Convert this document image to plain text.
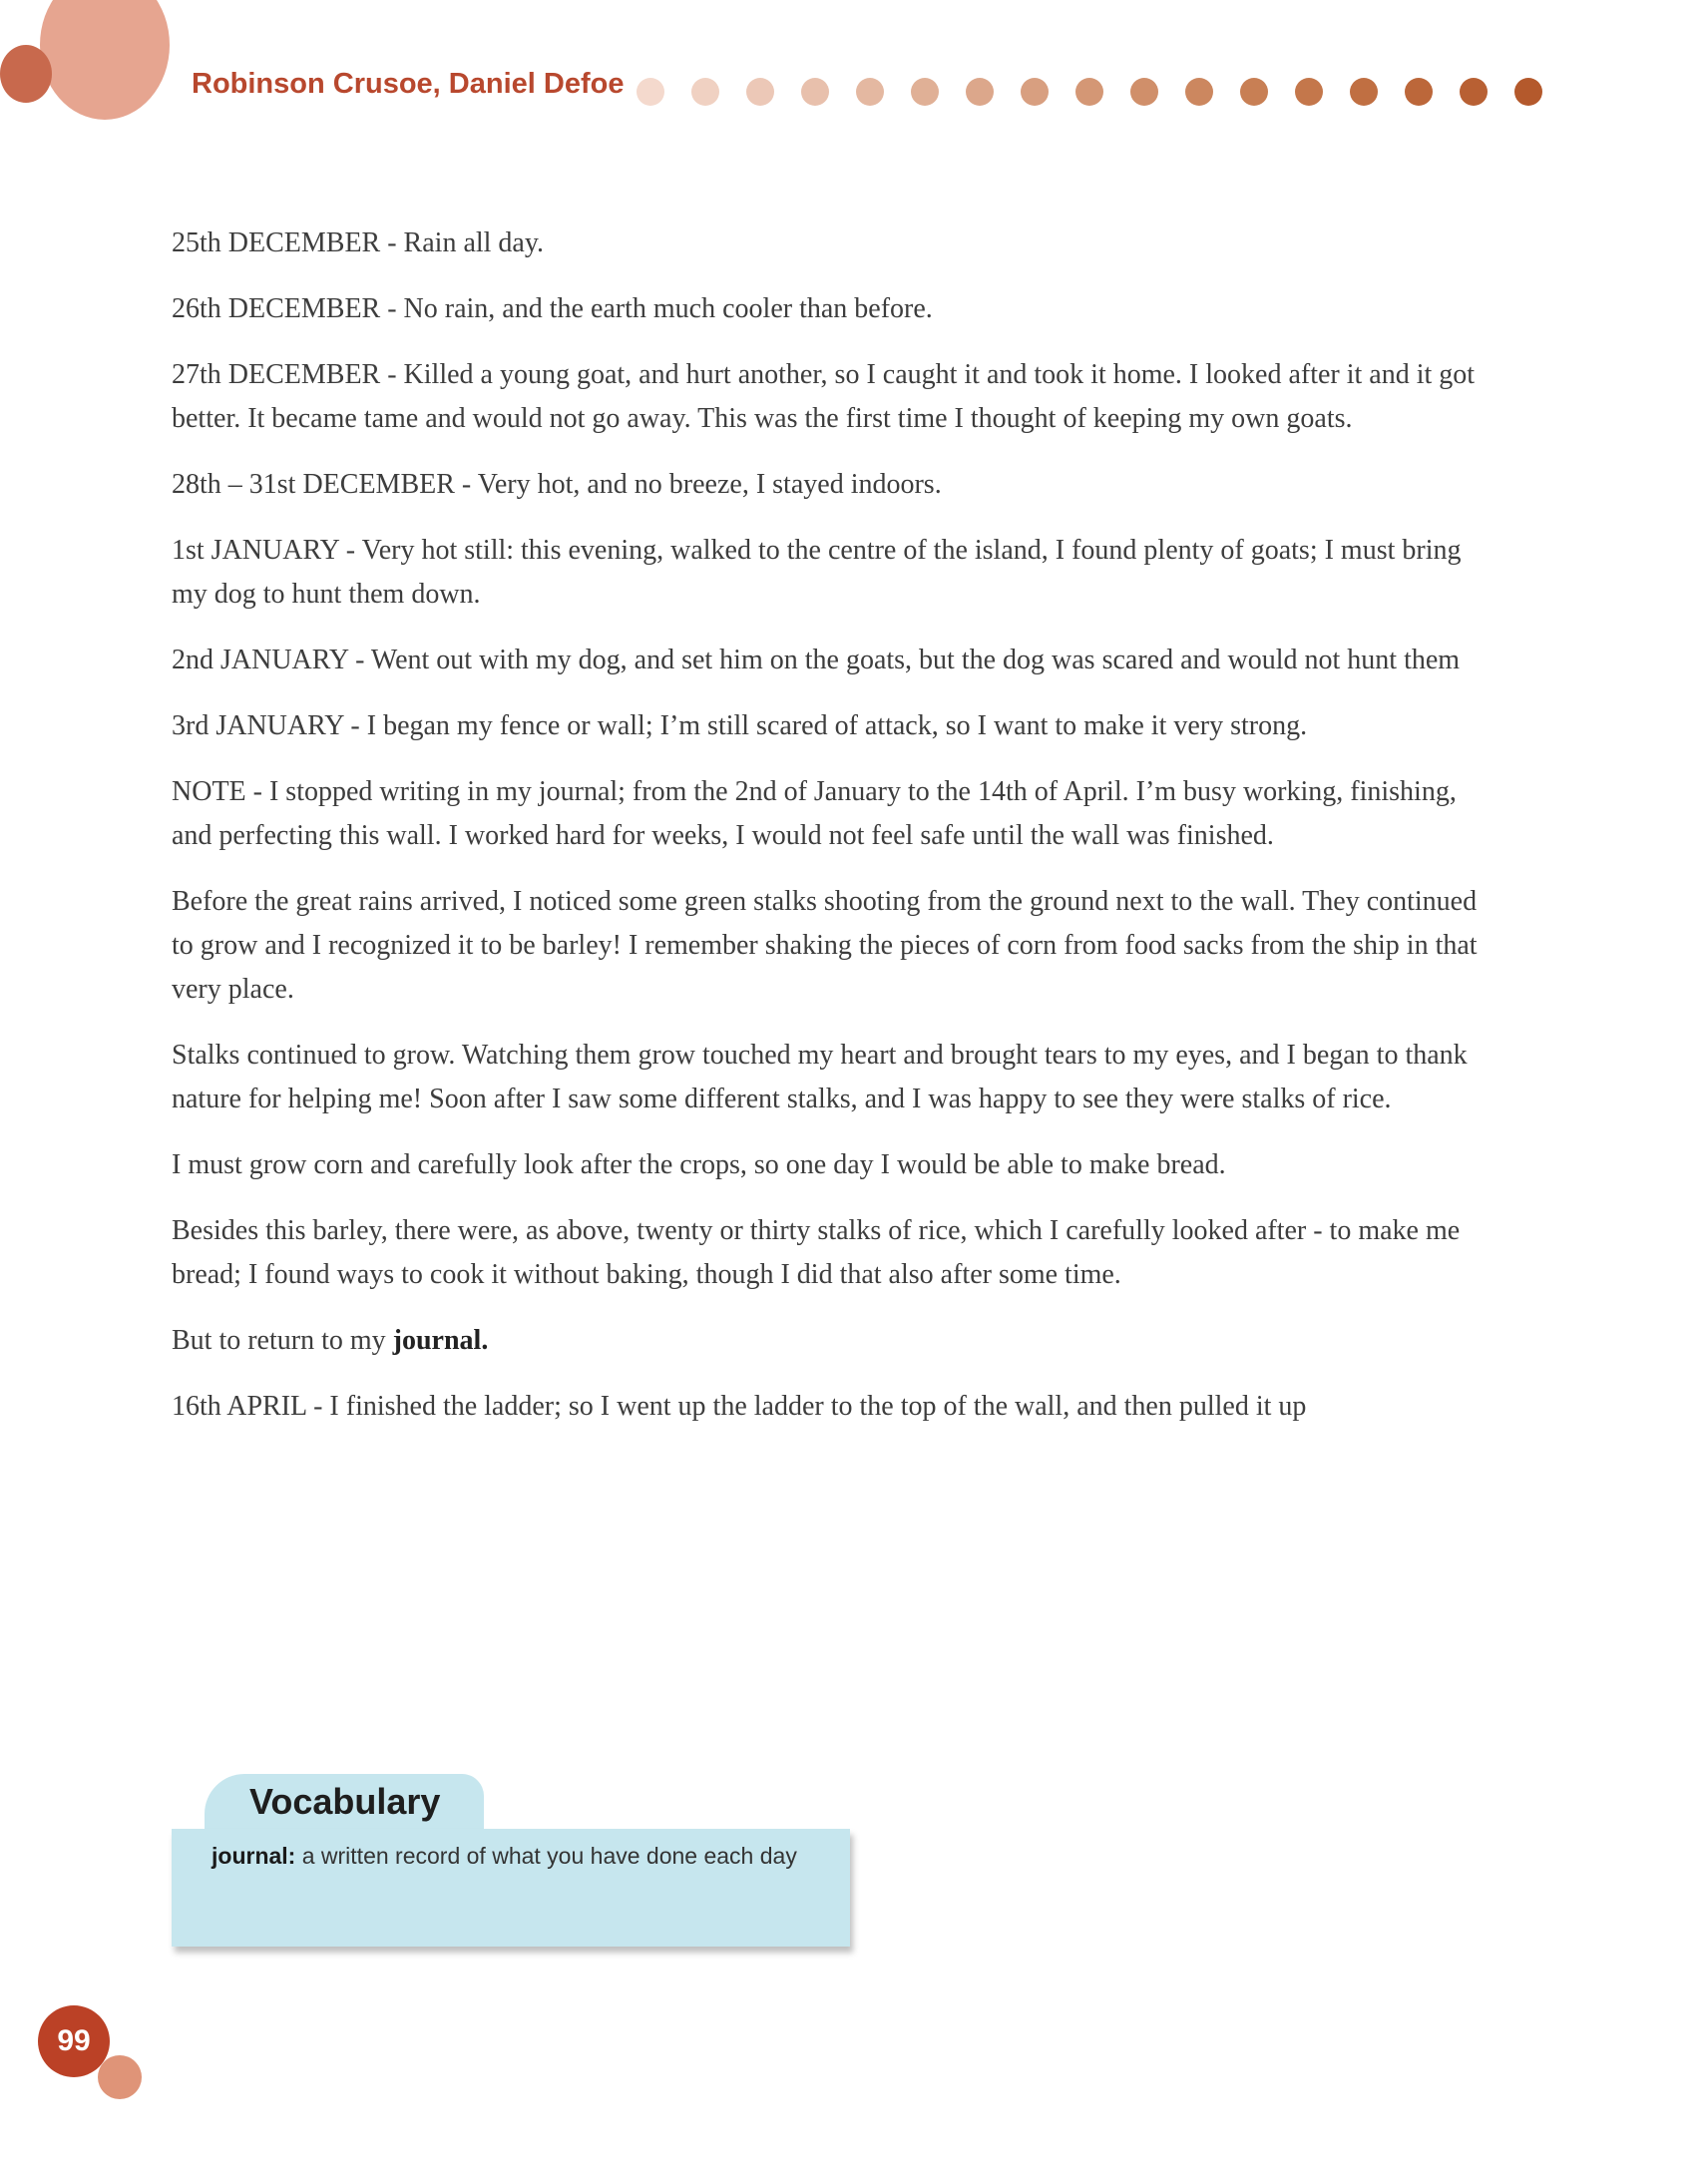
Robinson Crusoe, Daniel Defoe

25th DECEMBER - Rain all day.

26th DECEMBER - No rain, and the earth much cooler than before.

27th DECEMBER - Killed a young goat, and hurt another, so I caught it and took it home. I looked after it and it got better. It became tame and would not go away. This was the first time I thought of keeping my own goats.

28th – 31st DECEMBER - Very hot, and no breeze, I stayed indoors.

1st JANUARY - Very hot still: this evening, walked to the centre of the island, I found plenty of goats; I must bring my dog to hunt them down.

2nd JANUARY - Went out with my dog, and set him on the goats, but the dog was scared and would not hunt them

3rd JANUARY - I began my fence or wall; I’m still scared of attack, so I want to make it very strong.

NOTE - I stopped writing in my journal; from the 2nd of January to the 14th of April. I’m busy working, finishing, and perfecting this wall. I worked hard for weeks, I would not feel safe until the wall was finished.

Before the great rains arrived, I noticed some green stalks shooting from the ground next to the wall. They continued to grow and I recognized it to be barley! I remember shaking the pieces of corn from food sacks from the ship in that very place.

Stalks continued to grow. Watching them grow touched my heart and brought tears to my eyes, and I began to thank nature for helping me! Soon after I saw some different stalks, and I was happy to see they were stalks of rice.

I must grow corn and carefully look after the crops, so one day I would be able to make bread.

Besides this barley, there were, as above, twenty or thirty stalks of rice, which I carefully looked after - to make me bread; I found ways to cook it without baking, though I did that also after some time.

But to return to my journal.

16th APRIL - I finished the ladder; so I went up the ladder to the top of the wall, and then pulled it up

Vocabulary
journal: a written record of what you have done each day
99
